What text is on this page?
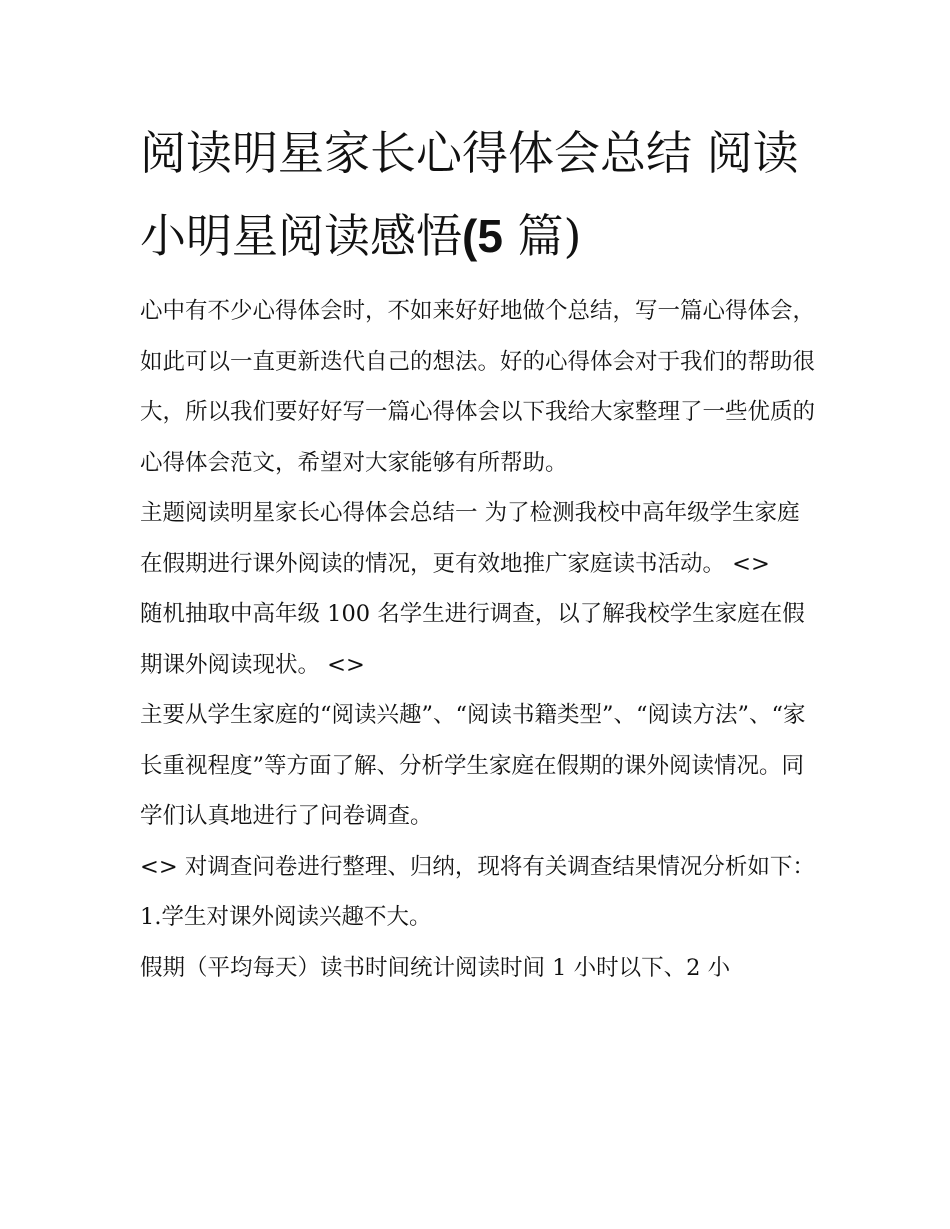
阅读明星家长心得体会总结 阅读小明星阅读感悟(5 篇)

心中有不少心得体会时，不如来好好地做个总结，写一篇心得体会，如此可以一直更新迭代自己的想法。好的心得体会对于我们的帮助很大，所以我们要好好写一篇心得体会以下我给大家整理了一些优质的心得体会范文，希望对大家能够有所帮助。

主题阅读明星家长心得体会总结一 为了检测我校中高年级学生家庭在假期进行课外阅读的情况，更有效地推广家庭读书活动。 <>

随机抽取中高年级 100 名学生进行调查，以了解我校学生家庭在假期课外阅读现状。 <>

主要从学生家庭的“阅读兴趣”、“阅读书籍类型”、“阅读方法”、“家长重视程度”等方面了解、分析学生家庭在假期的课外阅读情况。同学们认真地进行了问卷调查。

<> 对调查问卷进行整理、归纳，现将有关调查结果情况分析如下： 1.学生对课外阅读兴趣不大。

假期（平均每天）读书时间统计阅读时间 1 小时以下、2 小
